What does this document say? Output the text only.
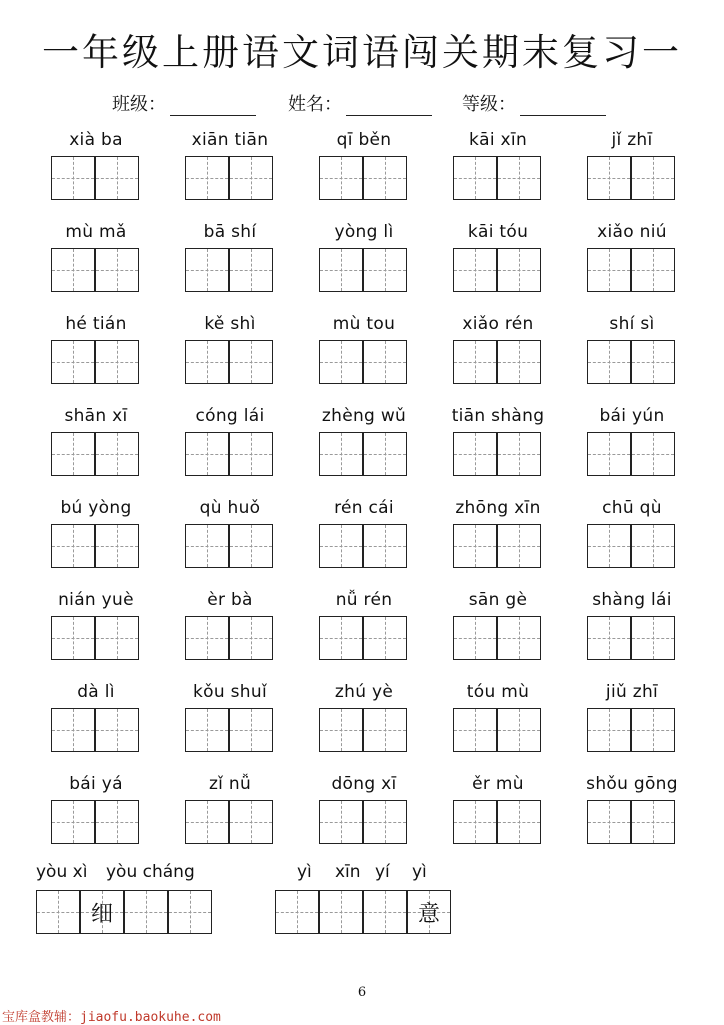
一年级上册语文词语闯关期末复习一
班级：	姓名：	等级：
xià ba	xiān tiān	qī běn	kāi xīn	jǐ zhī
mù mǎ	bā shí	yòng lì	kāi tóu	xiǎo niú
hé tián	kě shì	mù tou	xiǎo rén	shí sì
shān xī	cóng lái	zhèng wǔ	tiān shàng	bái yún
bú yòng	qù huǒ	rén cái	zhōng xīn	chū qù
nián yuè	èr bà	nǚ rén	sān gè	shàng lái
dà lì	kǒu shuǐ	zhú yè	tóu mù	jiǔ zhī
bái yá	zǐ nǚ	dōng xī	ěr mù	shǒu gōng
yòu xì yòu cháng
细
yì xīn yí yì
意
6
宝库盒教辅：jiaofu.baokuhe.com
